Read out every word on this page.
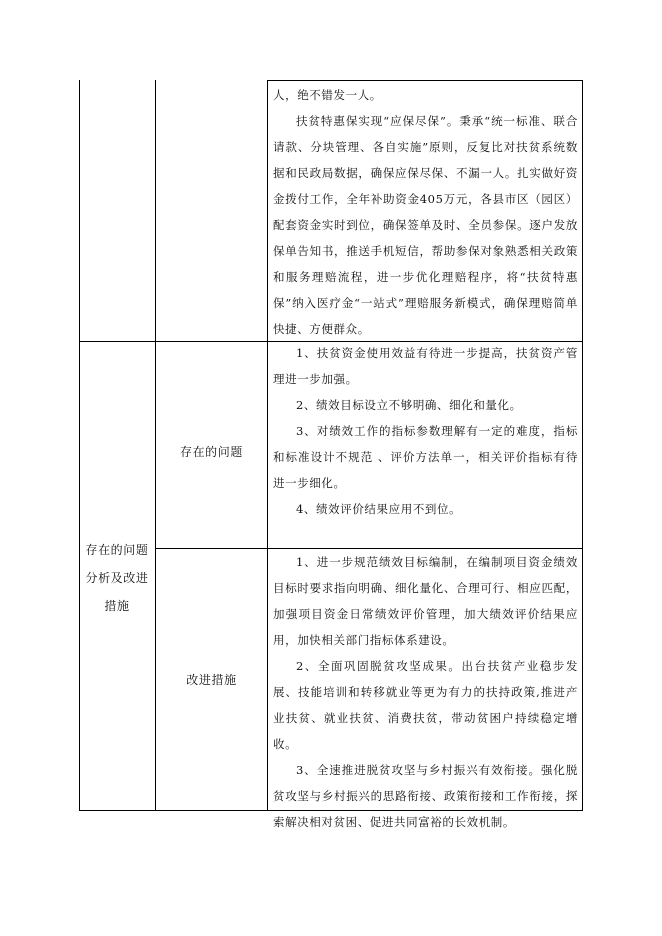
人，绝不错发一人。

扶贫特惠保实现“应保尽保”。秉承“统一标准、联合请款、分块管理、各自实施”原则，反复比对扶贫系统数据和民政局数据，确保应保尽保、不漏一人。扎实做好资金拨付工作，全年补助资金405万元，各县市区（园区）配套资金实时到位，确保签单及时、全员参保。逐户发放保单告知书，推送手机短信，帮助参保对象熟悉相关政策和服务理赔流程，进一步优化理赔程序，将“扶贫特惠保”纳入医疗金“一站式”理赔服务新模式，确保理赔简单快捷、方便群众。

存在的问题分析及改进措施
存在的问题

1、扶贫资金使用效益有待进一步提高，扶贫资产管理进一步加强。

2、绩效目标设立不够明确、细化和量化。

3、对绩效工作的指标参数理解有一定的难度，指标和标准设计不规范 、评价方法单一，相关评价指标有待进一步细化。

4、绩效评价结果应用不到位。

改进措施

1、进一步规范绩效目标编制，在编制项目资金绩效目标时要求指向明确、细化量化、合理可行、相应匹配，加强项目资金日常绩效评价管理，加大绩效评价结果应用，加快相关部门指标体系建设。

2、全面巩固脱贫攻坚成果。出台扶贫产业稳步发展、技能培训和转移就业等更为有力的扶持政策,推进产业扶贫、就业扶贫、消费扶贫，带动贫困户持续稳定增收。

3、全速推进脱贫攻坚与乡村振兴有效衔接。强化脱贫攻坚与乡村振兴的思路衔接、政策衔接和工作衔接，探索解决相对贫困、促进共同富裕的长效机制。
